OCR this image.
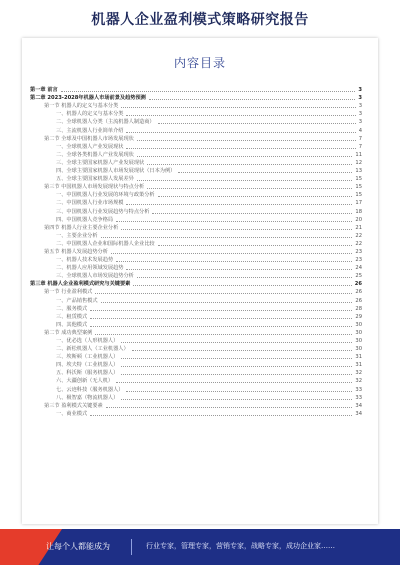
机器人企业盈利模式策略研究报告
内容目录
第一章 前言	3
第二章 2023-2028年机器人市场前景及趋势预测	3
第一节 机器人的定义与基本分类	3
一、机器人的定义与基本分类	3
二、全球机器人分类（主流机器人制造商）	3
三、主流机器人行业简单介绍	4
第二节 全球及中国机器人市场发展现状	7
一、全球机器人产业发展现状	7
二、全球各类机器人产业发展现状	11
三、全球主要国家机器人产业发展现状	12
四、全球主要国家机器人市场发展现状（日本为例）	13
五、全球主要国家机器人发展差异	15
第三节 中国机器人市场发展现状与特点分析	15
一、中国机器人行业发展的环境与政策分析	15
二、中国机器人行业市场规模	17
三、中国机器人行业发展趋势与特点分析	18
四、中国机器人竞争格局	20
第四节 机器人行业主要企业分析	21
一、主要企业分析	22
二、中国机器人企业和国际机器人企业比较	22
第五节 机器人发展趋势分析	23
一、机器人技术发展趋势	23
二、机器人应用领域发展趋势	24
三、全球机器人市场发展趋势分析	25
第三章 机器人企业盈利模式研究与关键要素	26
第一节 行业盈利模式	26
一、产品销售模式	26
二、服务模式	28
三、租赁模式	29
四、其他模式	30
第二节 成功典型案例	30
一、优必选（人形机器人）	30
二、新松机器人（工业机器人）	30
三、埃斯顿（工业机器人）	31
四、埃夫特（工业机器人）	31
五、科沃斯（服务机器人）	32
六、大疆创新（无人机）	32
七、云迹科技（服务机器人）	33
八、极智嘉（物流机器人）	33
第三节 盈利模式关键要素	34
一、商业模式	34
让每个人都能成为	行业专家，管理专家，营销专家，战略专家，成功企业家……
